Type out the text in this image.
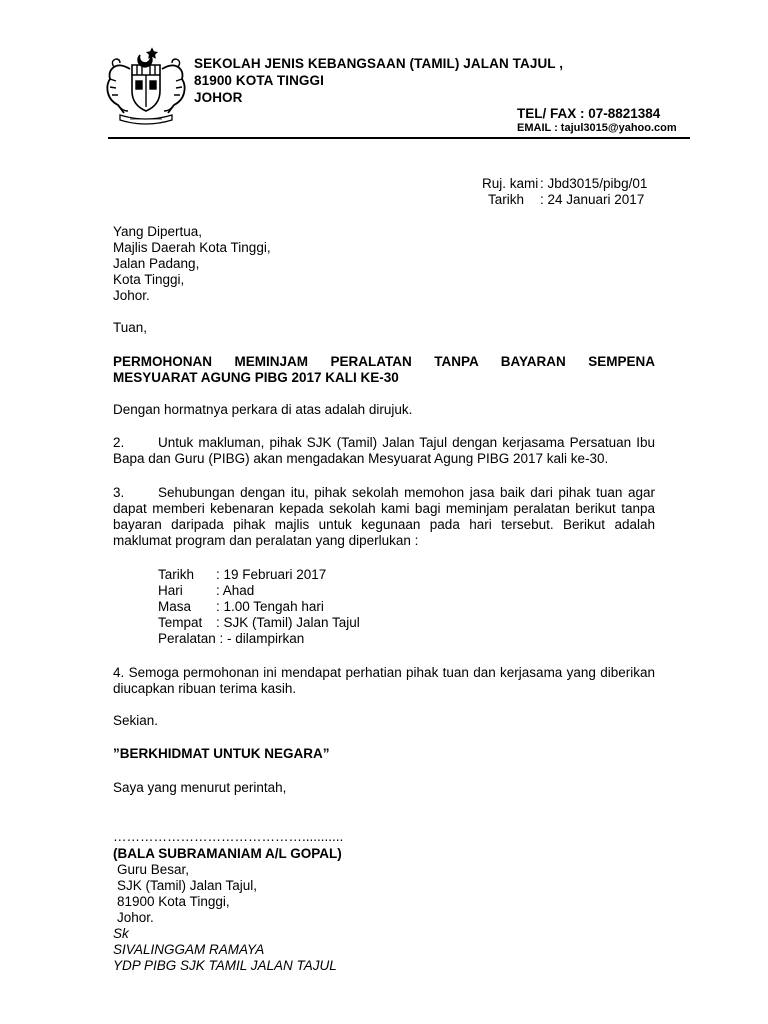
SEKOLAH JENIS KEBANGSAAN (TAMIL) JALAN TAJUL ,
81900 KOTA TINGGI
JOHOR
TEL/ FAX : 07-8821384
EMAIL : tajul3015@yahoo.com
Ruj. kami : Jbd3015/pibg/01
Tarikh	: 24 Januari 2017
Yang Dipertua,
Majlis Daerah Kota Tinggi,
Jalan Padang,
Kota Tinggi,
Johor.
Tuan,
PERMOHONAN MEMINJAM PERALATAN TANPA BAYARAN SEMPENA
MESYUARAT AGUNG PIBG 2017 KALI KE-30
Dengan hormatnya perkara di atas adalah dirujuk.
2. Untuk makluman, pihak SJK (Tamil) Jalan Tajul dengan kerjasama Persatuan Ibu Bapa dan Guru (PIBG) akan mengadakan Mesyuarat Agung PIBG 2017 kali ke-30.
3. Sehubungan dengan itu, pihak sekolah memohon jasa baik dari pihak tuan agar dapat memberi kebenaran kepada sekolah kami bagi meminjam peralatan berikut tanpa bayaran daripada pihak majlis untuk kegunaan pada hari tersebut. Berikut adalah maklumat program dan peralatan yang diperlukan :
Tarikh	: 19 Februari 2017
Hari	: Ahad
Masa	: 1.00 Tengah hari
Tempat	: SJK (Tamil) Jalan Tajul
Peralatan : - dilampirkan
4. Semoga permohonan ini mendapat perhatian pihak tuan dan kerjasama yang diberikan diucapkan ribuan terima kasih.
Sekian.
”BERKHIDMAT UNTUK NEGARA”
Saya yang menurut perintah,
……………………………………...........
(BALA SUBRAMANIAM A/L GOPAL)
Guru Besar,
SJK (Tamil) Jalan Tajul,
81900 Kota Tinggi,
Johor.
Sk
SIVALINGGAM RAMAYA
YDP PIBG SJK TAMIL JALAN TAJUL
